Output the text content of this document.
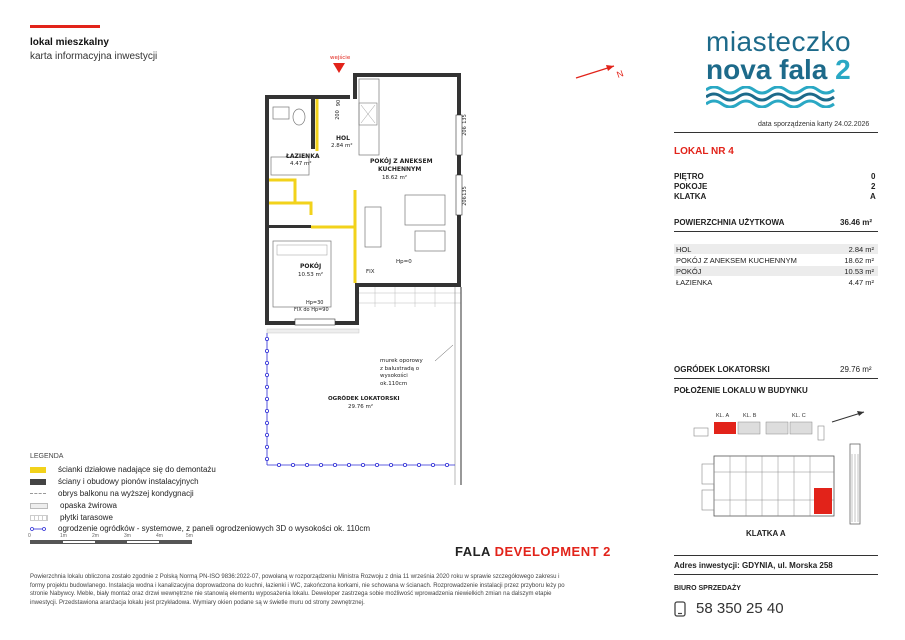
lokal mieszkalny
karta informacyjna inwestycji
N
miasteczko
nova fala 2
data sporządzenia karty 24.02.2026
LOKAL NR 4
PIĘTRO	0
POKOJE	2
KLATKA	A
POWIERZCHNIA UŻYTKOWA	36.46 m²
HOL	2.84 m²
POKÓJ Z ANEKSEM KUCHENNYM	18.62 m²
POKÓJ	10.53 m²
ŁAZIENKA	4.47 m²
OGRÓDEK LOKATORSKI	29.76 m²
POŁOŻENIE LOKALU W BUDYNKU
KL. A	KL. B	KL. C
KLATKA A
Adres inwestycji: GDYNIA, ul. Morska 258
BIURO SPRZEDAŻY
58 350 25 40
FALA DEVELOPMENT 2
wejście
HOL
2.84 m²
ŁAZIENKA
4.47 m²	POKÓJ Z ANEKSEM
KUCHENNYM
18.62 m²
POKÓJ
10.53 m²	FIX
Hp=0
Hp=30
FIX do Hp=90
OGRÓDEK LOKATORSKI
29.76 m²
murek oporowy
z balustradą o
wysokości
ok.110cm
90
200	135
206
135
206
LEGENDA
ścianki działowe nadające się do demontażu
ściany i obudowy pionów instalacyjnych
obrys balkonu na wyższej kondygnacji
opaska żwirowa
płytki tarasowe
ogrodzenie ogródków - systemowe, z paneli ogrodzeniowych 3D o wysokości ok. 110cm
0	1m	2m	3m	4m	5m
Powierzchnia lokalu obliczona zostało zgodnie z Polską Normą PN-ISO 9836:2022-07, powołaną w rozporządzeniu Ministra Rozwoju z dnia 11 września 2020 roku w sprawie szczegółowego zakresu i formy projektu budowlanego. Instalacja wodna i kanalizacyjna doprowadzona do kuchni, łazienki i WC, zakończona korkami, nie schowana w ścianach. Rozprowadzenie instalacji przez przyboru leży po stronie Nabywcy. Meble, biały montaż oraz drzwi wewnętrzne nie stanowią elementu wyposażenia lokalu. Deweloper zastrzega sobie możliwość wprowadzenia niewielkich zmian na dalszym etapie inwestycji. Przedstawiona aranżacja lokalu jest przykładowa. Wymiary okien podane są w świetle muru od strony zewnętrznej.
